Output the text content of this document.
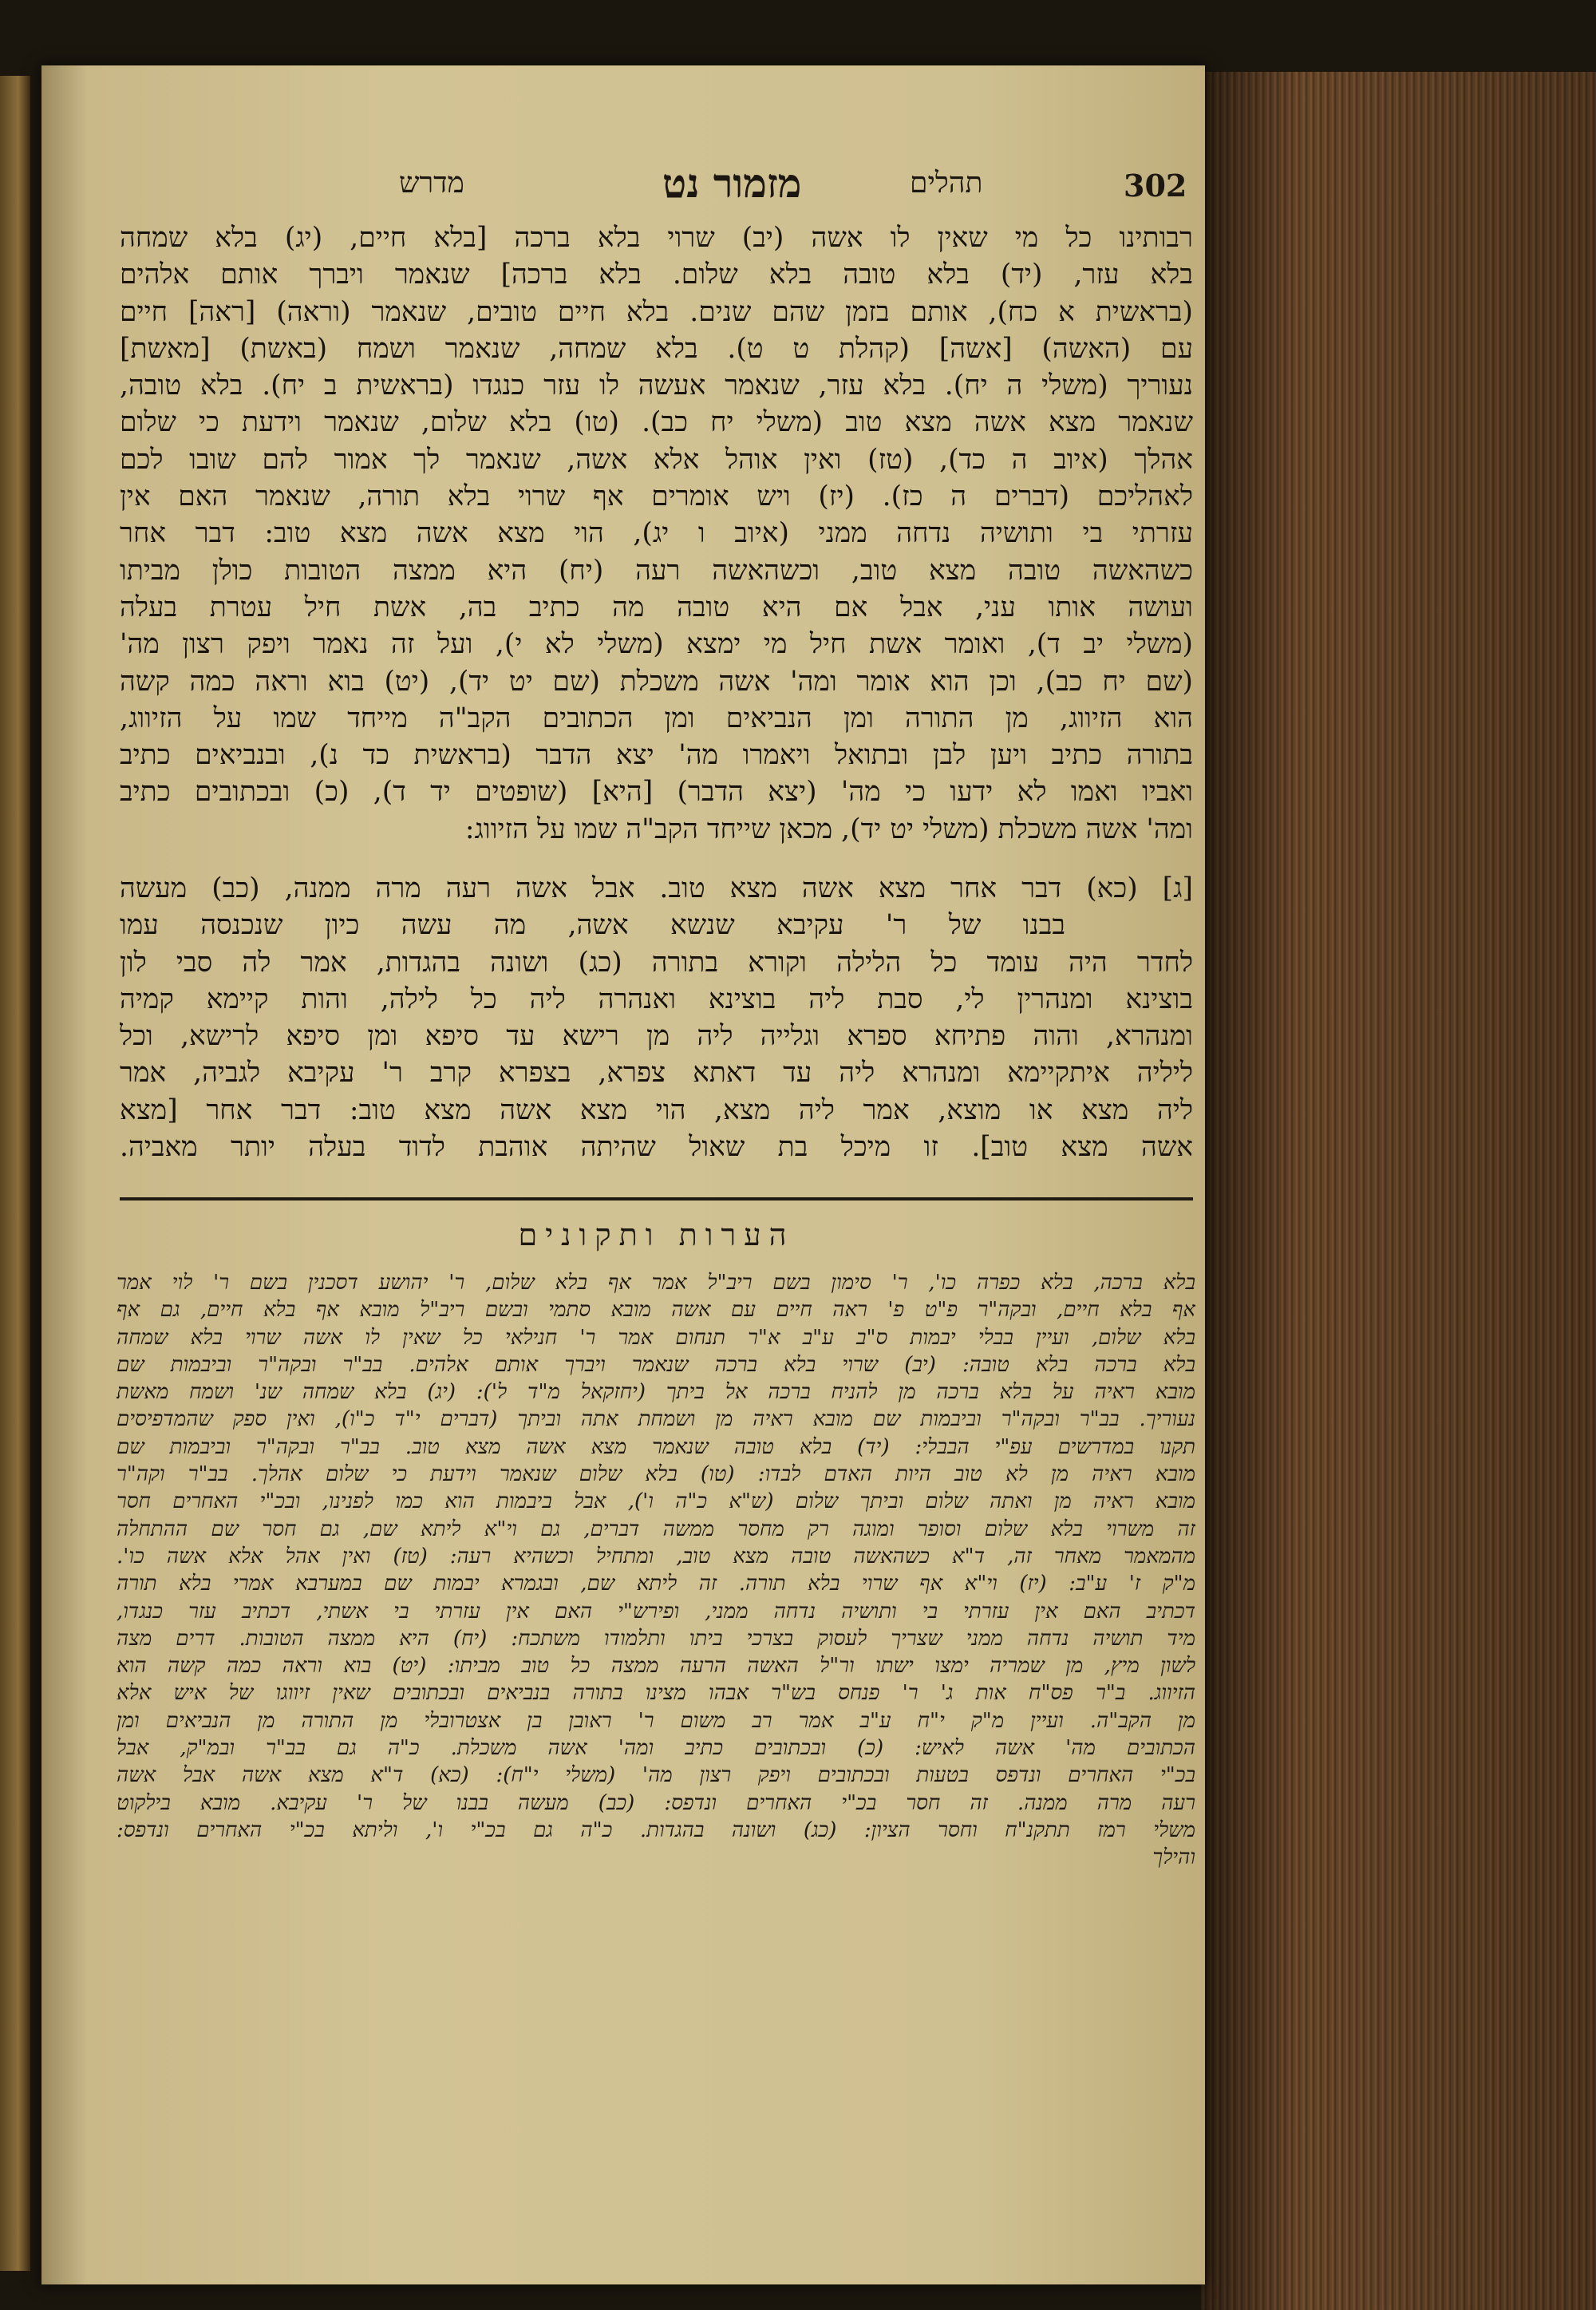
302
מדרש	מזמור נט	תהלים
רבותינו כל מי שאין לו אשה (יב) שרוי בלא ברכה [בלא חיים, (יג) בלא שמחה
בלא עזר, (יד) בלא טובה בלא שלום. בלא ברכה] שנאמר ויברך אותם אלהים
(בראשית א כח), אותם בזמן שהם שנים. בלא חיים טובים, שנאמר (וראה) [ראה] חיים
עם (האשה) [אשה] (קהלת ט ט). בלא שמחה, שנאמר ושמח (באשת) [מאשת]
נעוריך (משלי ה יח). בלא עזר, שנאמר אעשה לו עזר כנגדו (בראשית ב יח). בלא טובה,
שנאמר מצא אשה מצא טוב (משלי יח כב). (טו) בלא שלום, שנאמר וידעת כי שלום
אהלך (איוב ה כד), (טז) ואין אוהל אלא אשה, שנאמר לך אמור להם שובו לכם
לאהליכם (דברים ה כז). (יז) ויש אומרים אף שרוי בלא תורה, שנאמר האם אין
עזרתי בי ותושיה נדחה ממני (איוב ו יג), הוי מצא אשה מצא טוב: דבר אחר
כשהאשה טובה מצא טוב, וכשהאשה רעה (יח) היא ממצה הטובות כולן מביתו
ועושה אותו עני, אבל אם היא טובה מה כתיב בה, אשת חיל עטרת בעלה
(משלי יב ד), ואומר אשת חיל מי ימצא (משלי לא י), ועל זה נאמר ויפק רצון מה'
(שם יח כב), וכן הוא אומר ומה' אשה משכלת (שם יט יד), (יט) בוא וראה כמה קשה
הוא הזיווג, מן התורה ומן הנביאים ומן הכתובים הקב"ה מייחד שמו על הזיווג,
בתורה כתיב ויען לבן ובתואל ויאמרו מה' יצא הדבר (בראשית כד נ), ובנביאים כתיב
ואביו ואמו לא ידעו כי מה' (יצא הדבר) [היא] (שופטים יד ד), (כ) ובכתובים כתיב
ומה' אשה משכלת (משלי יט יד), מכאן שייחד הקב"ה שמו על הזיווג:
[ג] (כא) דבר אחר מצא אשה מצא טוב. אבל אשה רעה מרה ממנה, (כב) מעשה
בבנו של ר' עקיבא שנשא אשה, מה עשה כיון שנכנסה עמו
לחדר היה עומד כל הלילה וקורא בתורה (כג) ושונה בהגדות, אמר לה סבי לון
בוצינא ומנהרין לי, סבת ליה בוצינא ואנהרה ליה כל לילה, והות קיימא קמיה
ומנהרא, והוה פתיחא ספרא וגלייה ליה מן רישא עד סיפא ומן סיפא לרישא, וכל
ליליה איתקיימא ומנהרא ליה עד דאתא צפרא, בצפרא קרב ר' עקיבא לגביה, אמר
ליה מצא או מוצא, אמר ליה מצא, הוי מצא אשה מצא טוב: דבר אחר [מצא
אשה מצא טוב]. זו מיכל בת שאול שהיתה אוהבת לדוד בעלה יותר מאביה.
הערות ותקונים
בלא ברכה, בלא כפרה כו', ר' סימון בשם ריב"ל אמר אף בלא שלום, ר' יהושע דסכנין בשם ר' לוי אמר
אף בלא חיים, ובקה"ר פ"ט פ' ראה חיים עם אשה מובא סתמי ובשם ריב"ל מובא אף בלא חיים, גם אף
בלא שלום, ועיין בבלי יבמות ס"ב ע"ב א"ר תנחום אמר ר' חנילאי כל שאין לו אשה שרוי בלא שמחה
בלא ברכה בלא טובה: (יב) שרוי בלא ברכה שנאמר ויברך אותם אלהים. בב"ר ובקה"ר וביבמות שם
מובא ראיה על בלא ברכה מן להניח ברכה אל ביתך (יחזקאל מ"ד ל'): (יג) בלא שמחה שנ' ושמח מאשת
נעוריך. בב"ר ובקה"ר וביבמות שם מובא ראיה מן ושמחת אתה וביתך (דברים י"ד כ"ו), ואין ספק שהמדפיסים
תקנו במדרשים עפ"י הבבלי: (יד) בלא טובה שנאמר מצא אשה מצא טוב. בב"ר ובקה"ר וביבמות שם
מובא ראיה מן לא טוב היות האדם לבדו: (טו) בלא שלום שנאמר וידעת כי שלום אהלך. בב"ר וקה"ר
מובא ראיה מן ואתה שלום וביתך שלום (ש"א כ"ה ו'), אבל ביבמות הוא כמו לפנינו, ובכ"י האחרים חסר
זה משרוי בלא שלום וסופר ומוגה רק מחסר ממשה דברים, גם וי"א ליתא שם, גם חסר שם ההתחלה
מהמאמר מאחר זה, ד"א כשהאשה טובה מצא טוב, ומתחיל וכשהיא רעה: (טז) ואין אהל אלא אשה כו'.
מ"ק ז' ע"ב: (יז) וי"א אף שרוי בלא תורה. זה ליתא שם, ובגמרא יבמות שם במערבא אמרי בלא תורה
דכתיב האם אין עזרתי בי ותושיה נדחה ממני, ופירש"י האם אין עזרתי בי אשתי, דכתיב עזר כנגדו,
מיד תושיה נדחה ממני שצריך לעסוק בצרכי ביתו ותלמודו משתכח: (יח) היא ממצה הטובות. דרים מצה
לשון מיץ, מן שמריה ימצו ישתו ור"ל האשה הרעה ממצה כל טוב מביתו: (יט) בוא וראה כמה קשה הוא
הזיווג. ב"ר פס"ח אות ג' ר' פנחס בש"ר אבהו מצינו בתורה בנביאים ובכתובים שאין זיווגו של איש אלא
מן הקב"ה. ועיין מ"ק י"ח ע"ב אמר רב משום ר' ראובן בן אצטרובלי מן התורה מן הנביאים ומן
הכתובים מה' אשה לאיש: (כ) ובכתובים כתיב ומה' אשה משכלת. כ"ה גם בב"ר ובמ"ק, אבל
בכ"י האחרים ונדפס בטעות ובכתובים ויפק רצון מה' (משלי י"ח): (כא) ד"א מצא אשה אבל אשה
רעה מרה ממנה. זה חסר בכ"י האחרים ונדפס: (כב) מעשה בבנו של ר' עקיבא. מובא בילקוט
משלי רמז תתקנ"ח וחסר הציון: (כג) ושונה בהגדות. כ"ה גם בכ"י ו', וליתא בכ"י האחרים ונדפס:
והילך
